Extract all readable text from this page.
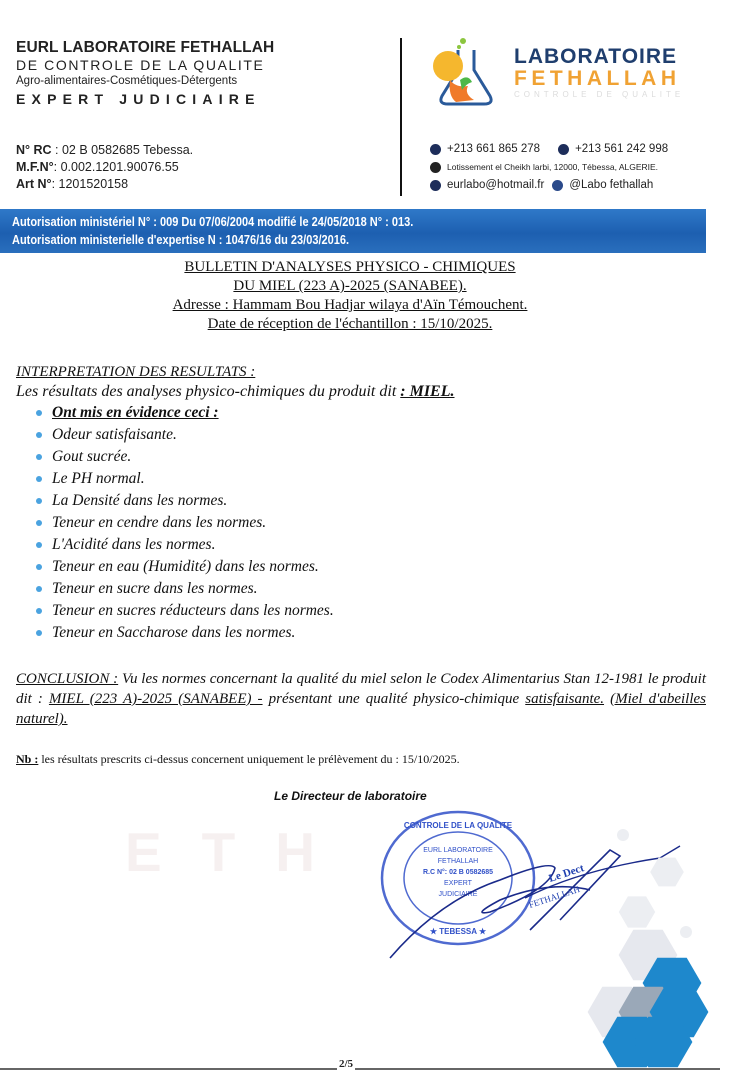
EURL LABORATOIRE FETHALLAH
DE CONTROLE DE LA QUALITE
Agro-alimentaires-Cosmétiques-Détergents
EXPERT JUDICIAIRE
LABORATOIRE
FETHALLAH
CONTROLE DE QUALITE
N° RC : 02 B 0582685 Tebessa.
M.F.N°: 0.002.1201.90076.55
Art N°: 1201520158
+213 661 865 278	+213 561 242 998
Lotissement el Cheikh larbi, 12000, Tébessa, ALGERIE.
eurlabo@hotmail.fr @Labo fethallah
Autorisation ministériel N° : 009 Du 07/06/2004 modifié le 24/05/2018 N° : 013.
Autorisation ministerielle d'expertise N : 10476/16 du 23/03/2016.
BULLETIN D'ANALYSES PHYSICO - CHIMIQUES
DU MIEL (223 A)-2025 (SANABEE).
Adresse : Hammam Bou Hadjar wilaya d'Aïn Témouchent.
Date de réception de l'échantillon : 15/10/2025.
INTERPRETATION DES RESULTATS :
Les résultats des analyses physico-chimiques du produit dit : MIEL.
Ont mis en évidence ceci :
Odeur satisfaisante.
Gout sucrée.
Le PH normal.
La Densité dans les normes.
Teneur en cendre dans les normes.
L'Acidité dans les normes.
Teneur en eau (Humidité) dans les normes.
Teneur en sucre dans les normes.
Teneur en sucres réducteurs dans les normes.
Teneur en Saccharose dans les normes.
CONCLUSION : Vu les normes concernant la qualité du miel selon le Codex Alimentarius Stan 12-1981 le produit dit : MIEL (223 A)-2025 (SANABEE) - présentant une qualité physico-chimique satisfaisante. (Miel d'abeilles naturel).
Nb : les résultats prescrits ci-dessus concernent uniquement le prélèvement du : 15/10/2025.
ETH
Le Directeur de laboratoire
CONTROLE DE LA QUALITE
EURL LABORATOIRE
FETHALLAH
R.C N°: 02 B 0582685
EXPERT
JUDICIAIRE
★ TEBESSA ★
Le Dect
FETHALLAH
2/5
